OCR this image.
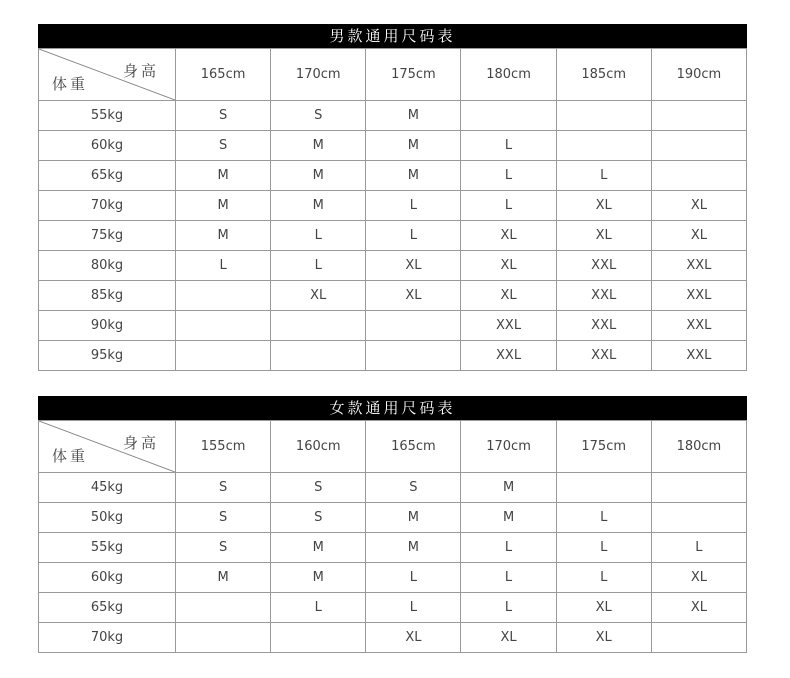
男款通用尺码表
身高
体重	165cm	170cm	175cm	180cm	185cm	190cm
55kg	S	S	M			
60kg	S	M	M	L		
65kg	M	M	M	L	L	
70kg	M	M	L	L	XL	XL
75kg	M	L	L	XL	XL	XL
80kg	L	L	XL	XL	XXL	XXL
85kg		XL	XL	XL	XXL	XXL
90kg				XXL	XXL	XXL
95kg				XXL	XXL	XXL
女款通用尺码表
身高
体重	155cm	160cm	165cm	170cm	175cm	180cm
45kg	S	S	S	M		
50kg	S	S	M	M	L	
55kg	S	M	M	L	L	L
60kg	M	M	L	L	L	XL
65kg		L	L	L	XL	XL
70kg			XL	XL	XL	
